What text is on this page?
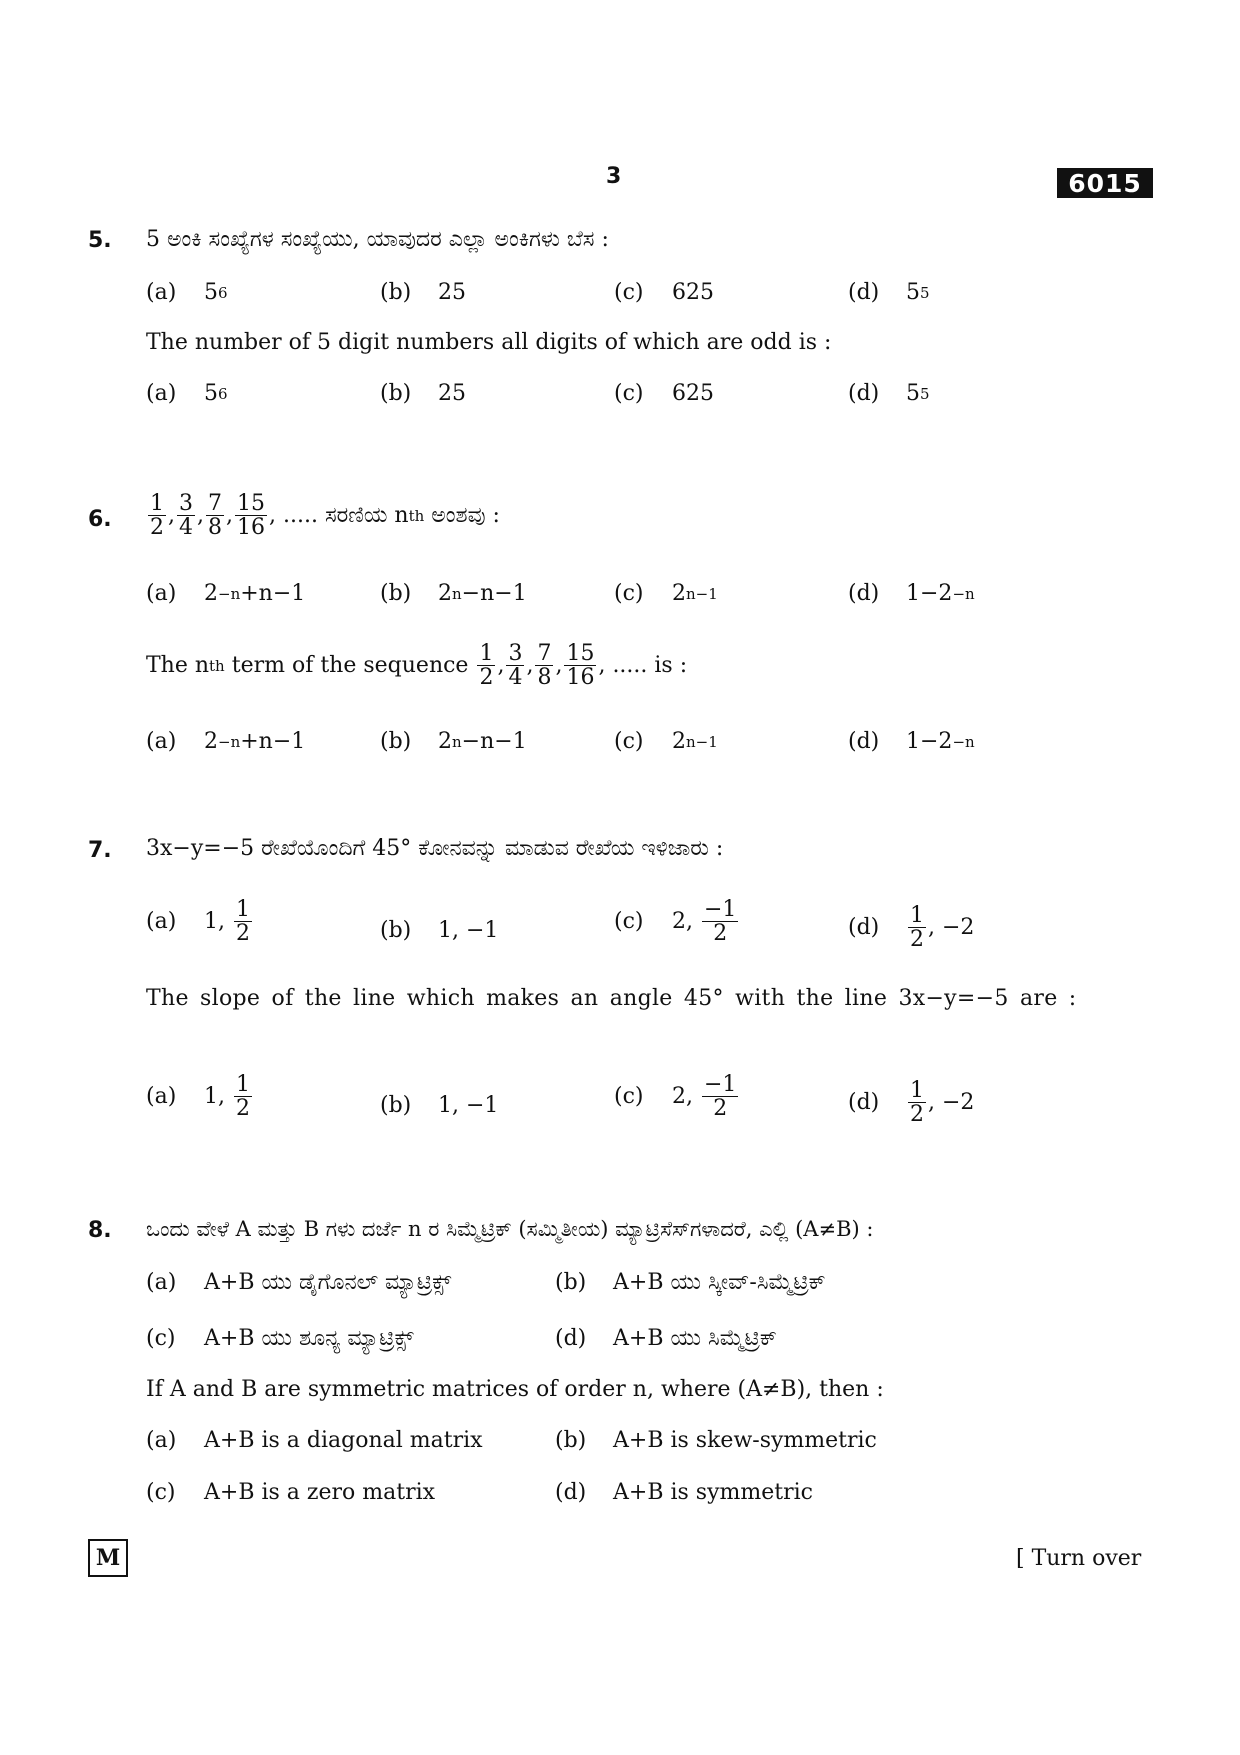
3	6015
5. 5 ಅಂಕಿ ಸಂಖ್ಯೆಗಳ ಸಂಖ್ಯೆಯು, ಯಾವುದರ ಎಲ್ಲಾ ಅಂಕಿಗಳು ಬೆಸ :
(a)	5 6	(b)	25	(c)	625	(d)	5 5
The number of 5 digit numbers all digits of which are odd is :
(a)	5 6	(b)	25	(c)	625	(d)	5 5
6. $\frac{1}{2}$ , $\frac{3}{4}$ , $\frac{7}{8}$ , $\frac{15}{16}$ , ..... ಸರಣಿಯ n th ಅಂಶವು :
(a)	2 −n +n−1	(b)	2 n −n−1	(c)	2 n−1	(d)	1−2 −n
The n th term of the sequence $\frac{1}{2}$ , $\frac{3}{4}$ , $\frac{7}{8}$ , $\frac{15}{16}$ , ..... is :
(a)	2 −n +n−1	(b)	2 n −n−1	(c)	2 n−1	(d)	1−2 −n
7. 3x−y=−5 ರೇಖೆಯೊಂದಿಗೆ 45° ಕೋನವನ್ನು ಮಾಡುವ ರೇಖೆಯ ಇಳಿಜಾರು :
(a)	1, $\frac{1}{2}$	(b)	1, −1	(c)	2, $\frac{-1}{2}$	(d)	$\frac{1}{2}$ , −2
The slope of the line which makes an angle 45° with the line 3x−y=−5 are :
(a)	1, $\frac{1}{2}$	(b)	1, −1	(c)	2, $\frac{-1}{2}$	(d)	$\frac{1}{2}$ , −2
8. ಒಂದು ವೇಳೆ A ಮತ್ತು B ಗಳು ದರ್ಜೆ n ರ ಸಿಮ್ಮೆಟ್ರಿಕ್ (ಸಮ್ಮಿತೀಯ) ಮ್ಯಾಟ್ರಿಸೆಸ್‌ಗಳಾದರೆ, ಎಲ್ಲಿ (A≠B) :
(a)	A+B ಯು ಡೈಗೊನಲ್ ಮ್ಯಾಟ್ರಿಕ್ಸ್	(b)	A+B ಯು ಸ್ಕೀವ್-ಸಿಮ್ಮೆಟ್ರಿಕ್
(c)	A+B ಯು ಶೂನ್ಯ ಮ್ಯಾಟ್ರಿಕ್ಸ್	(d)	A+B ಯು ಸಿಮ್ಮೆಟ್ರಿಕ್
If A and B are symmetric matrices of order n, where (A≠B), then :
(a)	A+B is a diagonal matrix	(b)	A+B is skew-symmetric
(c)	A+B is a zero matrix	(d)	A+B is symmetric
M	[ Turn over
